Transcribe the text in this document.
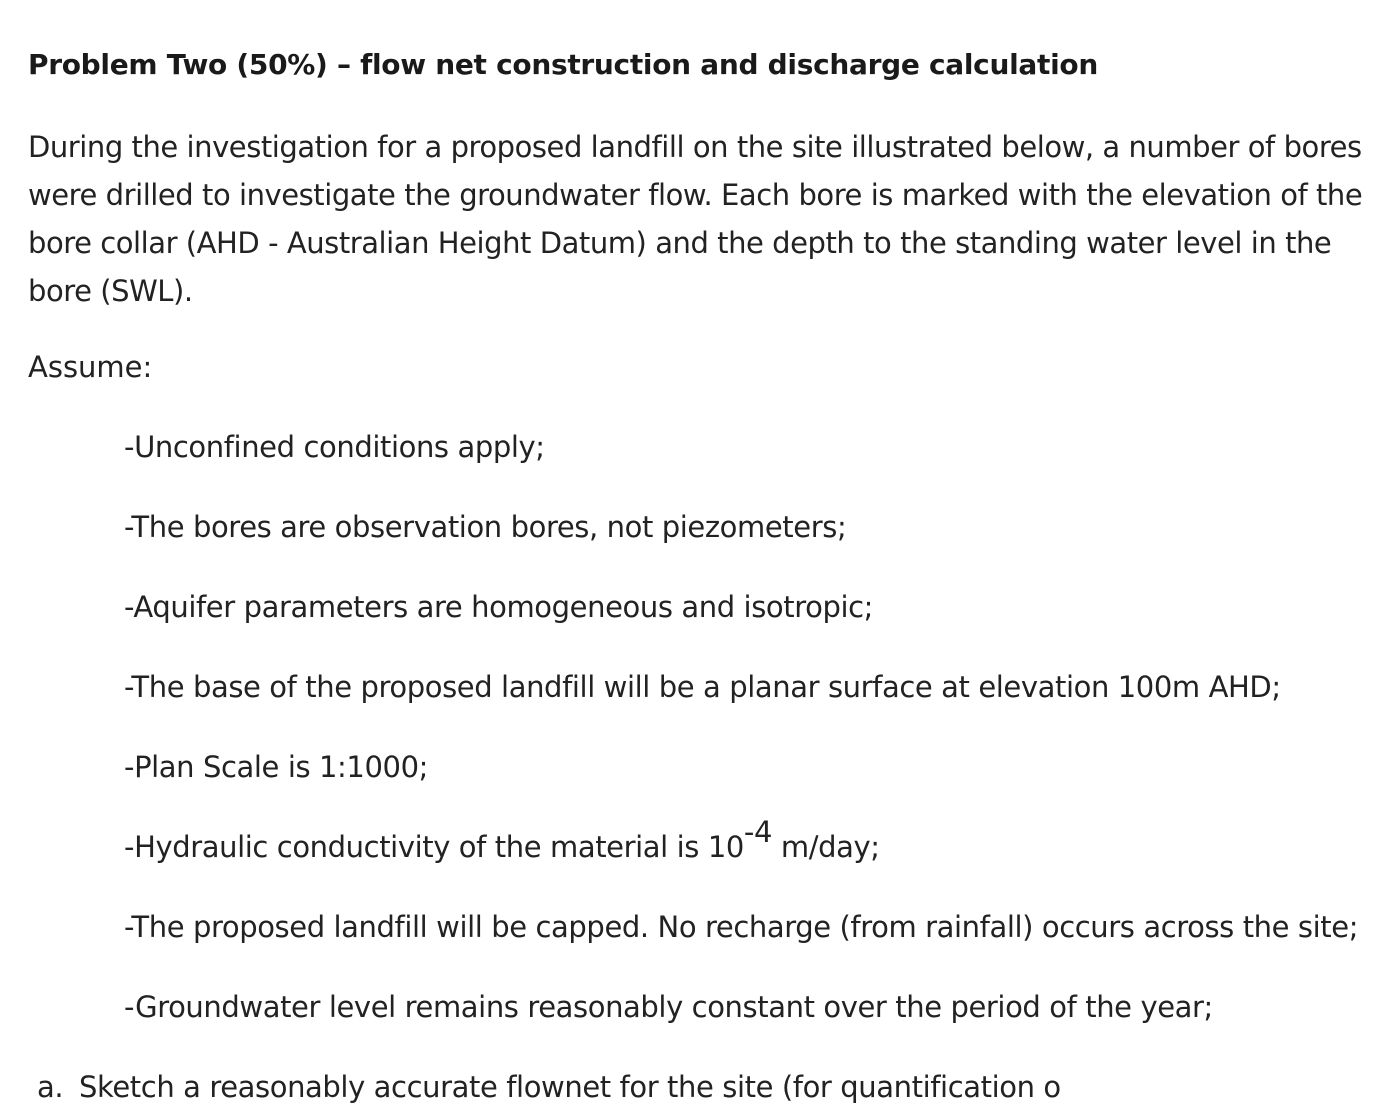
Problem Two (50%) – flow net construction and discharge calculation

During the investigation for a proposed landfill on the site illustrated below, a number of bores were drilled to investigate the groundwater flow. Each bore is marked with the elevation of the bore collar (AHD - Australian Height Datum) and the depth to the standing water level in the bore (SWL).

Assume:

-Unconfined conditions apply;

-The bores are observation bores, not piezometers;

-Aquifer parameters are homogeneous and isotropic;

-The base of the proposed landfill will be a planar surface at elevation 100m AHD;

-Plan Scale is 1:1000;

-Hydraulic conductivity of the material is $10^{-4}$ m/day;

-The proposed landfill will be capped. No recharge (from rainfall) occurs across the site;

-Groundwater level remains reasonably constant over the period of the year;

a. Sketch a reasonably accurate flownet for the site (for quantification o
